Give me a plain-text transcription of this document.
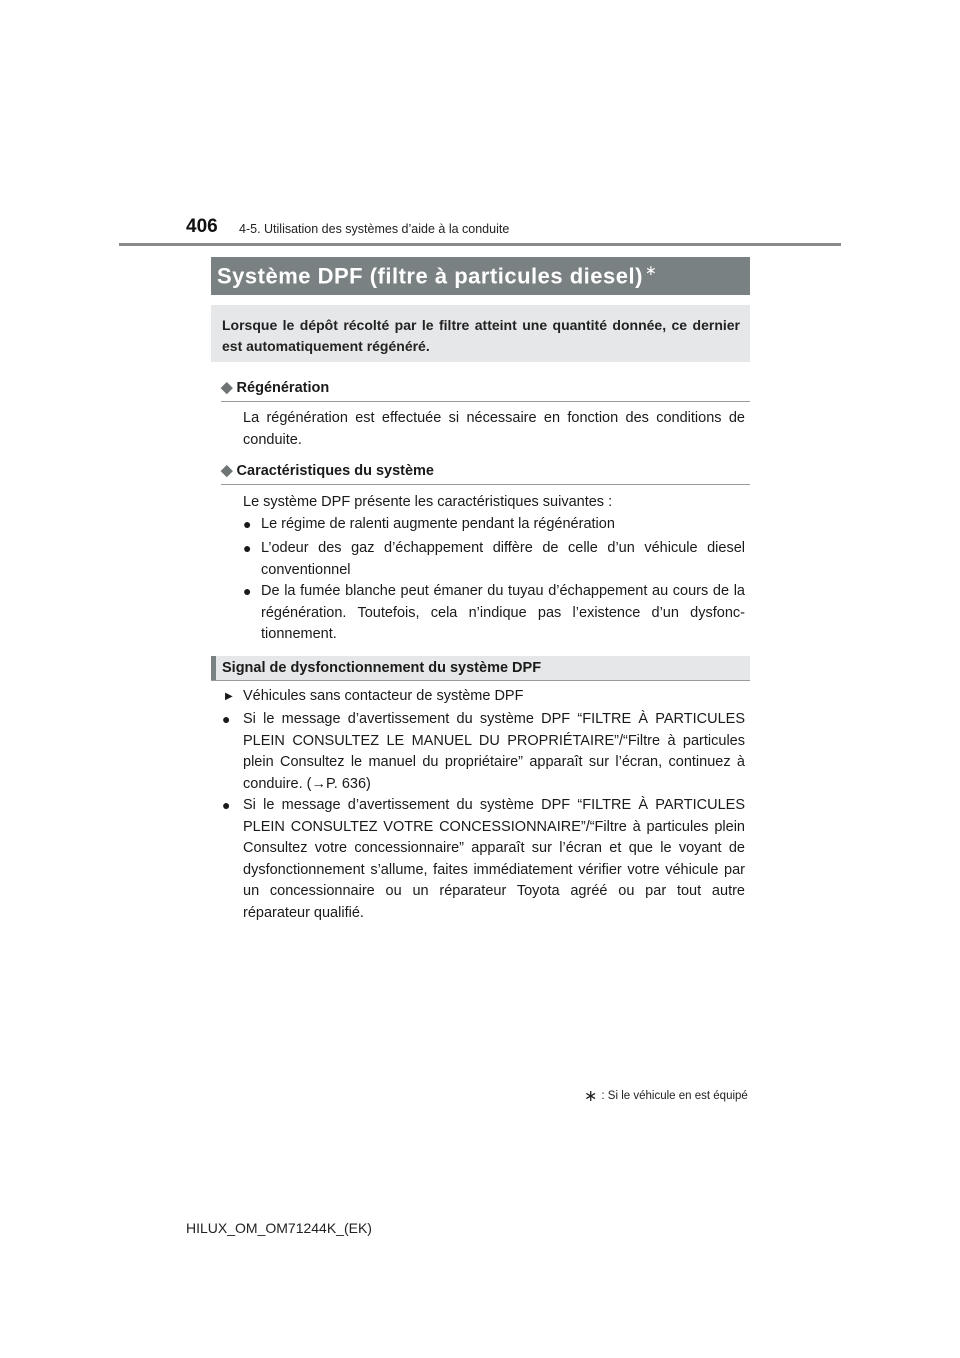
406 4-5. Utilisation des systèmes d’aide à la conduite
Système DPF (filtre à particules diesel) ∗
Lorsque le dépôt récolté par le filtre atteint une quantité donnée, ce dernier est automatiquement régénéré.
◆ Régénération
La régénération est effectuée si nécessaire en fonction des conditions de conduite.
◆ Caractéristiques du système
Le système DPF présente les caractéristiques suivantes :
● Le régime de ralenti augmente pendant la régénération
● L’odeur des gaz d’échappement diffère de celle d’un véhicule diesel conventionnel
● De la fumée blanche peut émaner du tuyau d’échappement au cours de la régénération. Toutefois, cela n’indique pas l’existence d’un dysfonc-tionnement.
Signal de dysfonctionnement du système DPF
▶ Véhicules sans contacteur de système DPF
● Si le message d’avertissement du système DPF “FILTRE À PARTICULES PLEIN CONSULTEZ LE MANUEL DU PROPRIÉTAIRE”/“Filtre à particules plein Consultez le manuel du propriétaire” apparaît sur l’écran, continuez à conduire. (→P. 636)
● Si le message d’avertissement du système DPF “FILTRE À PARTICULES PLEIN CONSULTEZ VOTRE CONCESSIONNAIRE”/“Filtre à particules plein Consultez votre concessionnaire” apparaît sur l’écran et que le voyant de dysfonctionnement s’allume, faites immédiatement vérifier votre véhicule par un concessionnaire ou un réparateur Toyota agréé ou par tout autre réparateur qualifié.
∗ : Si le véhicule en est équipé
HILUX_OM_OM71244K_(EK)
